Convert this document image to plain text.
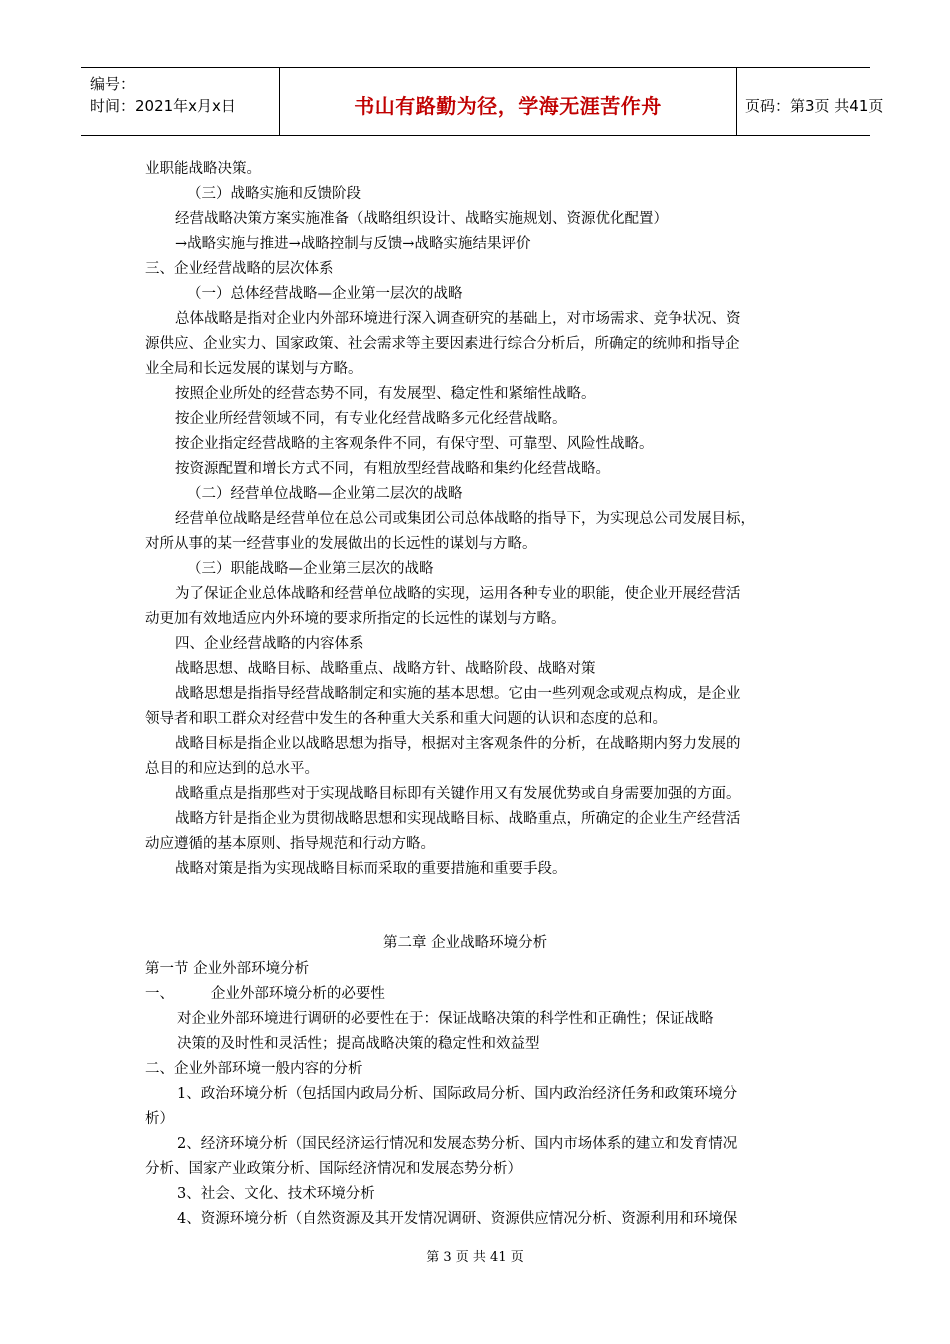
编号：
时间：2021年x月x日	书山有路勤为径，学海无涯苦作舟	页码：第3页 共41页
业职能战略决策。
（三）战略实施和反馈阶段
经营战略决策方案实施准备（战略组织设计、战略实施规划、资源优化配置）
→战略实施与推进→战略控制与反馈→战略实施结果评价
三、企业经营战略的层次体系
（一）总体经营战略—企业第一层次的战略
总体战略是指对企业内外部环境进行深入调查研究的基础上，对市场需求、竞争状况、资
源供应、企业实力、国家政策、社会需求等主要因素进行综合分析后，所确定的统帅和指导企
业全局和长远发展的谋划与方略。
按照企业所处的经营态势不同，有发展型、稳定性和紧缩性战略。
按企业所经营领域不同，有专业化经营战略多元化经营战略。
按企业指定经营战略的主客观条件不同，有保守型、可靠型、风险性战略。
按资源配置和增长方式不同，有粗放型经营战略和集约化经营战略。
（二）经营单位战略—企业第二层次的战略
经营单位战略是经营单位在总公司或集团公司总体战略的指导下，为实现总公司发展目标，
对所从事的某一经营事业的发展做出的长远性的谋划与方略。
（三）职能战略—企业第三层次的战略
为了保证企业总体战略和经营单位战略的实现，运用各种专业的职能，使企业开展经营活
动更加有效地适应内外环境的要求所指定的长远性的谋划与方略。
四、企业经营战略的内容体系
战略思想、战略目标、战略重点、战略方针、战略阶段、战略对策
战略思想是指指导经营战略制定和实施的基本思想。它由一些列观念或观点构成，是企业
领导者和职工群众对经营中发生的各种重大关系和重大问题的认识和态度的总和。
战略目标是指企业以战略思想为指导，根据对主客观条件的分析，在战略期内努力发展的
总目的和应达到的总水平。
战略重点是指那些对于实现战略目标即有关键作用又有发展优势或自身需要加强的方面。
战略方针是指企业为贯彻战略思想和实现战略目标、战略重点，所确定的企业生产经营活
动应遵循的基本原则、指导规范和行动方略。
战略对策是指为实现战略目标而采取的重要措施和重要手段。
第二章 企业战略环境分析
第一节 企业外部环境分析
一、        企业外部环境分析的必要性
对企业外部环境进行调研的必要性在于：保证战略决策的科学性和正确性；保证战略
决策的及时性和灵活性；提高战略决策的稳定性和效益型
二、企业外部环境一般内容的分析
1、政治环境分析（包括国内政局分析、国际政局分析、国内政治经济任务和政策环境分
析）
2、经济环境分析（国民经济运行情况和发展态势分析、国内市场体系的建立和发育情况
分析、国家产业政策分析、国际经济情况和发展态势分析）
3、社会、文化、技术环境分析
4、资源环境分析（自然资源及其开发情况调研、资源供应情况分析、资源利用和环境保
第 3 页 共 41 页
